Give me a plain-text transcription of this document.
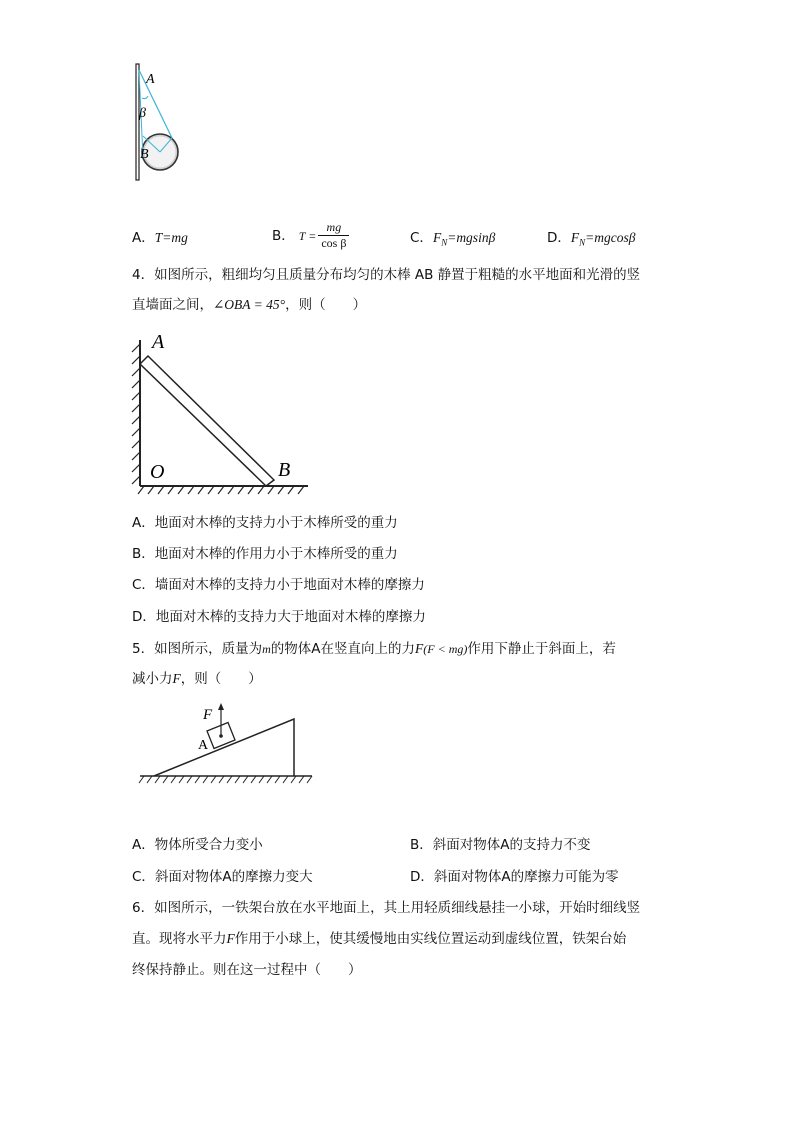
A
β
B
A．T=mg	B． $T = \frac{mg}{\text{cos β}}$	C．$F_N=mgsin\beta$	D．$F_N=mgcos\beta$
4．如图所示，粗细均匀且质量分布均匀的木棒 AB 静置于粗糙的水平地面和光滑的竖
直墙面之间，∠OBA = 45°，则（　　）
A
O	B
A．地面对木棒的支持力小于木棒所受的重力
B．地面对木棒的作用力小于木棒所受的重力
C．墙面对木棒的支持力小于地面对木棒的摩擦力
D．地面对木棒的支持力大于地面对木棒的摩擦力
5．如图所示，质量为m的物体A在竖直向上的力F(F < mg)作用下静止于斜面上，若
减小力F，则（　　）
F
A
A．物体所受合力变小	B．斜面对物体A的支持力不变
C．斜面对物体A的摩擦力变大	D．斜面对物体A的摩擦力可能为零
6．如图所示，一铁架台放在水平地面上，其上用轻质细线悬挂一小球，开始时细线竖
直。现将水平力F作用于小球上，使其缓慢地由实线位置运动到虚线位置，铁架台始
终保持静止。则在这一过程中（　　）
